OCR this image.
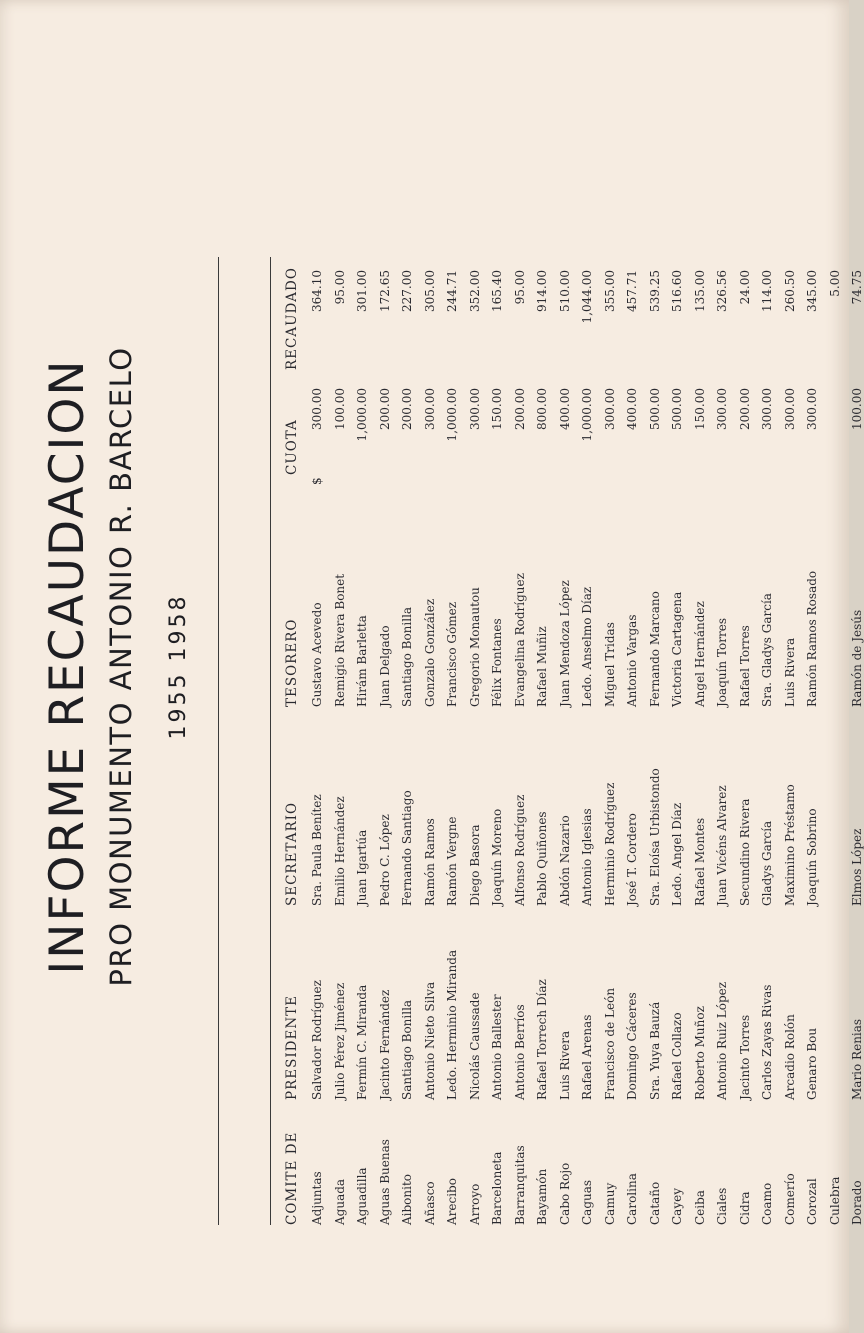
INFORME RECAUDACION PRO MONUMENTO ANTONIO R. BARCELO 1955 1958
COMITE DE
PRESIDENTE
SECRETARIO
TESORERO
CUOTA
RECAUDADO
Adjuntas
Salvador Rodríguez
Sra. Paula Benítez
Gustavo Acevedo
300.00
364.10
$
Aguada
Julio Pérez Jiménez
Emilio Hernández
Remigio Rivera Bonet
100.00
95.00
Aguadilla
Fermín C. Miranda
Juan Igartúa
Hirám Barletta
1,000.00
301.00
Aguas Buenas
Jacinto Fernández
Pedro C. López
Juan Delgado
200.00
172.65
Aibonito
Santiago Bonilla
Fernando Santiago
Santiago Bonilla
200.00
227.00
Añasco
Antonio Nieto Silva
Ramón Ramos
Gonzalo González
300.00
305.00
Arecibo
Ledo. Herminio Miranda
Ramón Vergne
Francisco Gómez
1,000.00
244.71
Arroyo
Nicolás Caussade
Diego Basora
Gregorio Monautou
300.00
352.00
Barceloneta
Antonio Ballester
Joaquín Moreno
Félix Fontanes
150.00
165.40
Barranquitas
Antonio Berríos
Alfonso Rodríguez
Evangelina Rodríguez
200.00
95.00
Bayamón
Rafael Torrech Díaz
Pablo Quiñones
Rafael Muñiz
800.00
914.00
Cabo Rojo
Luis Rivera
Abdón Nazario
Juan Mendoza López
400.00
510.00
Caguas
Rafael Arenas
Antonio Iglesias
Ledo. Anselmo Díaz
1,000.00
1,044.00
Camuy
Francisco de León
Herminio Rodríguez
Miguel Tridas
300.00
355.00
Carolina
Domingo Cáceres
José T. Cordero
Antonio Vargas
400.00
457.71
Cataño
Sra. Yuya Bauzá
Sra. Eloísa Urbistondo
Fernando Marcano
500.00
539.25
Cayey
Rafael Collazo
Ledo. Angel Díaz
Victoria Cartagena
500.00
516.60
Ceiba
Roberto Muñoz
Rafael Montes
Angel Hernández
150.00
135.00
Ciales
Antonio Ruiz López
Juan Vicéns Alvarez
Joaquín Torres
300.00
326.56
Cidra
Jacinto Torres
Secundino Rivera
Rafael Torres
200.00
24.00
Coamo
Carlos Zayas Rivas
Gladys García
Sra. Gladys García
300.00
114.00
Comerío
Arcadio Rolón
Maximino Préstamo
Luis Rivera
300.00
260.50
Corozal
Genaro Bou
Joaquín Sobrino
Ramón Ramos Rosado
300.00
345.00
Culebra
5.00
Dorado
Mario Renias
Elmos López
Ramón de Jesús
100.00
74.75
